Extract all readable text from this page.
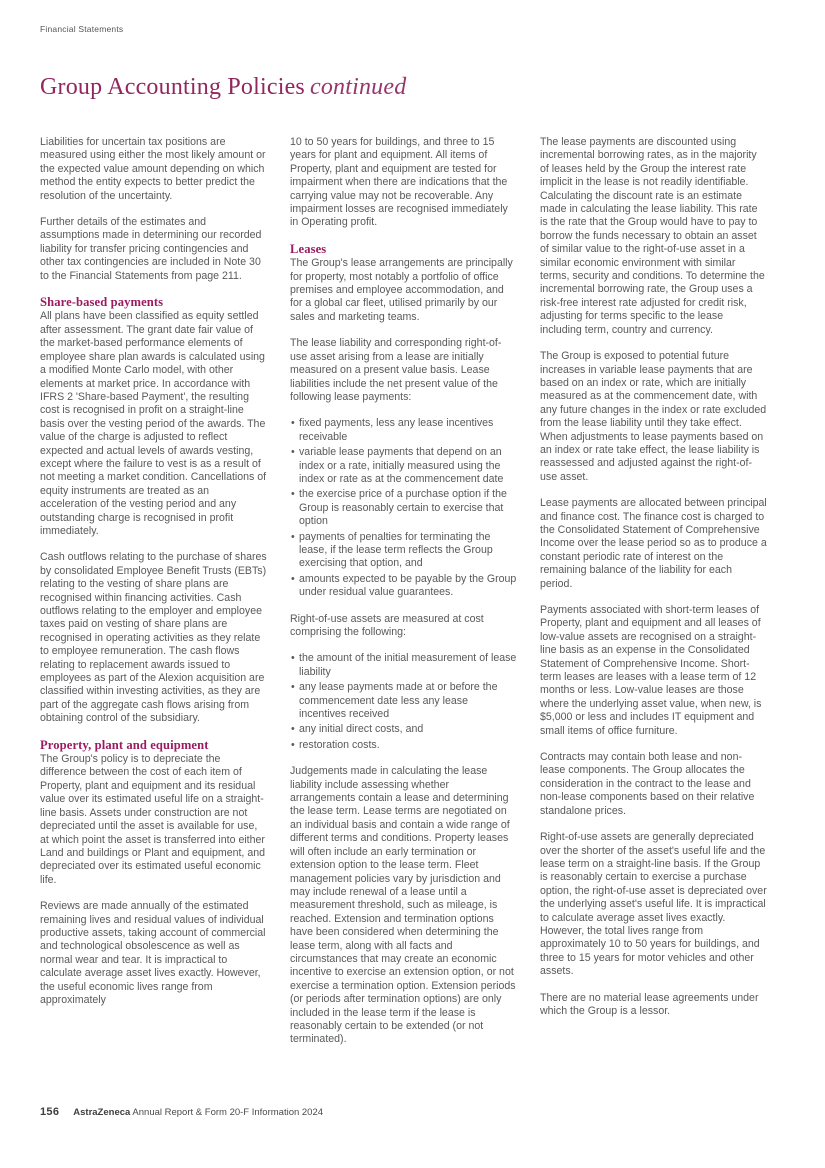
Financial Statements
Group Accounting Policies continued

Liabilities for uncertain tax positions are measured using either the most likely amount or the expected value amount depending on which method the entity expects to better predict the resolution of the uncertainty.

Further details of the estimates and assumptions made in determining our recorded liability for transfer pricing contingencies and other tax contingencies are included in Note 30 to the Financial Statements from page 211.

Share-based payments

All plans have been classified as equity settled after assessment. The grant date fair value of the market-based performance elements of employee share plan awards is calculated using a modified Monte Carlo model, with other elements at market price. In accordance with IFRS 2 'Share-based Payment', the resulting cost is recognised in profit on a straight-line basis over the vesting period of the awards. The value of the charge is adjusted to reflect expected and actual levels of awards vesting, except where the failure to vest is as a result of not meeting a market condition. Cancellations of equity instruments are treated as an acceleration of the vesting period and any outstanding charge is recognised in profit immediately.

Cash outflows relating to the purchase of shares by consolidated Employee Benefit Trusts (EBTs) relating to the vesting of share plans are recognised within financing activities. Cash outflows relating to the employer and employee taxes paid on vesting of share plans are recognised in operating activities as they relate to employee remuneration. The cash flows relating to replacement awards issued to employees as part of the Alexion acquisition are classified within investing activities, as they are part of the aggregate cash flows arising from obtaining control of the subsidiary.

Property, plant and equipment

The Group's policy is to depreciate the difference between the cost of each item of Property, plant and equipment and its residual value over its estimated useful life on a straight-line basis. Assets under construction are not depreciated until the asset is available for use, at which point the asset is transferred into either Land and buildings or Plant and equipment, and depreciated over its estimated useful economic life.

Reviews are made annually of the estimated remaining lives and residual values of individual productive assets, taking account of commercial and technological obsolescence as well as normal wear and tear. It is impractical to calculate average asset lives exactly. However, the useful economic lives range from approximately

10 to 50 years for buildings, and three to 15 years for plant and equipment. All items of Property, plant and equipment are tested for impairment when there are indications that the carrying value may not be recoverable. Any impairment losses are recognised immediately in Operating profit.

Leases

The Group's lease arrangements are principally for property, most notably a portfolio of office premises and employee accommodation, and for a global car fleet, utilised primarily by our sales and marketing teams.

The lease liability and corresponding right-of-use asset arising from a lease are initially measured on a present value basis. Lease liabilities include the net present value of the following lease payments:

• fixed payments, less any lease incentives receivable
• variable lease payments that depend on an index or a rate, initially measured using the index or rate as at the commencement date
• the exercise price of a purchase option if the Group is reasonably certain to exercise that option
• payments of penalties for terminating the lease, if the lease term reflects the Group exercising that option, and
• amounts expected to be payable by the Group under residual value guarantees.

Right-of-use assets are measured at cost comprising the following:

• the amount of the initial measurement of lease liability
• any lease payments made at or before the commencement date less any lease incentives received
• any initial direct costs, and
• restoration costs.

Judgements made in calculating the lease liability include assessing whether arrangements contain a lease and determining the lease term. Lease terms are negotiated on an individual basis and contain a wide range of different terms and conditions. Property leases will often include an early termination or extension option to the lease term. Fleet management policies vary by jurisdiction and may include renewal of a lease until a measurement threshold, such as mileage, is reached. Extension and termination options have been considered when determining the lease term, along with all facts and circumstances that may create an economic incentive to exercise an extension option, or not exercise a termination option. Extension periods (or periods after termination options) are only included in the lease term if the lease is reasonably certain to be extended (or not terminated).

The lease payments are discounted using incremental borrowing rates, as in the majority of leases held by the Group the interest rate implicit in the lease is not readily identifiable. Calculating the discount rate is an estimate made in calculating the lease liability. This rate is the rate that the Group would have to pay to borrow the funds necessary to obtain an asset of similar value to the right-of-use asset in a similar economic environment with similar terms, security and conditions. To determine the incremental borrowing rate, the Group uses a risk-free interest rate adjusted for credit risk, adjusting for terms specific to the lease including term, country and currency.

The Group is exposed to potential future increases in variable lease payments that are based on an index or rate, which are initially measured as at the commencement date, with any future changes in the index or rate excluded from the lease liability until they take effect. When adjustments to lease payments based on an index or rate take effect, the lease liability is reassessed and adjusted against the right-of-use asset.

Lease payments are allocated between principal and finance cost. The finance cost is charged to the Consolidated Statement of Comprehensive Income over the lease period so as to produce a constant periodic rate of interest on the remaining balance of the liability for each period.

Payments associated with short-term leases of Property, plant and equipment and all leases of low-value assets are recognised on a straight-line basis as an expense in the Consolidated Statement of Comprehensive Income. Short-term leases are leases with a lease term of 12 months or less. Low-value leases are those where the underlying asset value, when new, is $5,000 or less and includes IT equipment and small items of office furniture.

Contracts may contain both lease and non-lease components. The Group allocates the consideration in the contract to the lease and non-lease components based on their relative standalone prices.

Right-of-use assets are generally depreciated over the shorter of the asset's useful life and the lease term on a straight-line basis. If the Group is reasonably certain to exercise a purchase option, the right-of-use asset is depreciated over the underlying asset's useful life. It is impractical to calculate average asset lives exactly. However, the total lives range from approximately 10 to 50 years for buildings, and three to 15 years for motor vehicles and other assets.

There are no material lease agreements under which the Group is a lessor.

156 AstraZeneca Annual Report & Form 20-F Information 2024
